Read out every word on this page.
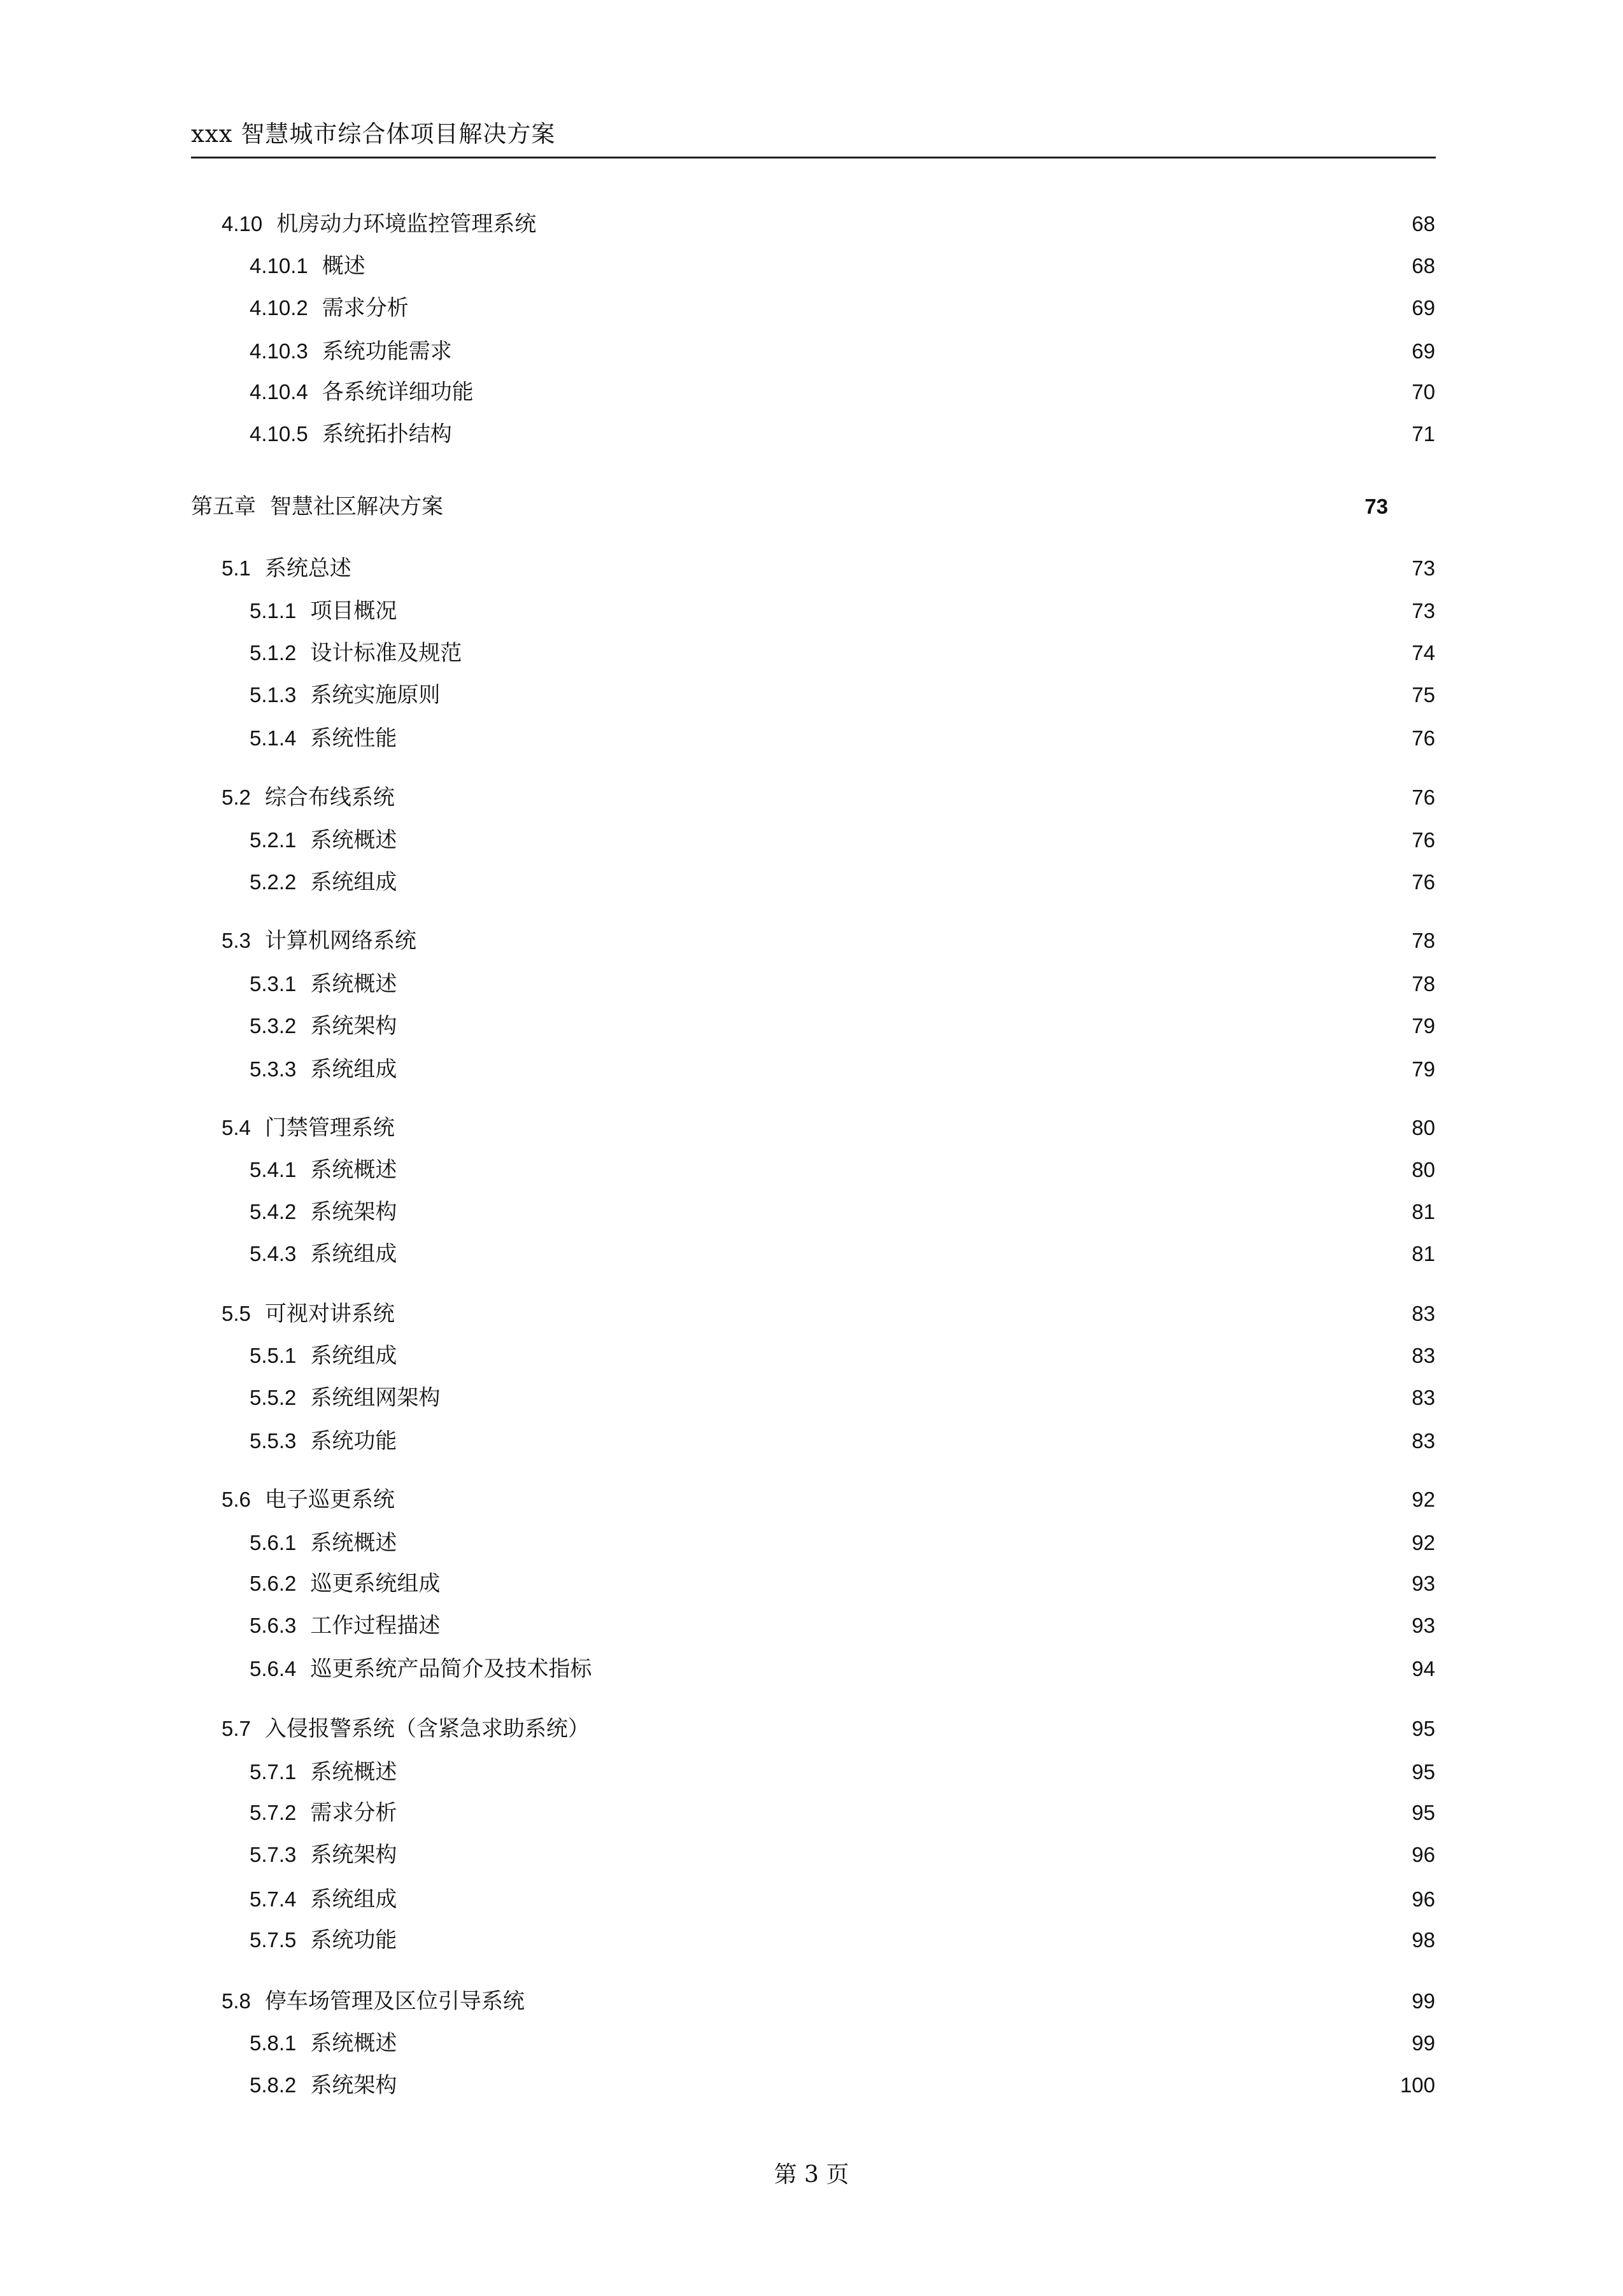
xxx 智慧城市综合体项目解决方案
4.10 机房动力环境监控管理系统	68
4.10.1 概述	68
4.10.2 需求分析	69
4.10.3 系统功能需求	69
4.10.4 各系统详细功能	70
4.10.5 系统拓扑结构	71
第五章 智慧社区解决方案	73
5.1 系统总述	73
5.1.1 项目概况	73
5.1.2 设计标准及规范	74
5.1.3 系统实施原则	75
5.1.4 系统性能	76
5.2 综合布线系统	76
5.2.1 系统概述	76
5.2.2 系统组成	76
5.3 计算机网络系统	78
5.3.1 系统概述	78
5.3.2 系统架构	79
5.3.3 系统组成	79
5.4 门禁管理系统	80
5.4.1 系统概述	80
5.4.2 系统架构	81
5.4.3 系统组成	81
5.5 可视对讲系统	83
5.5.1 系统组成	83
5.5.2 系统组网架构	83
5.5.3 系统功能	83
5.6 电子巡更系统	92
5.6.1 系统概述	92
5.6.2 巡更系统组成	93
5.6.3 工作过程描述	93
5.6.4 巡更系统产品简介及技术指标	94
5.7 入侵报警系统（含紧急求助系统）	95
5.7.1 系统概述	95
5.7.2 需求分析	95
5.7.3 系统架构	96
5.7.4 系统组成	96
5.7.5 系统功能	98
5.8 停车场管理及区位引导系统	99
5.8.1 系统概述	99
5.8.2 系统架构	100
第 3 页
